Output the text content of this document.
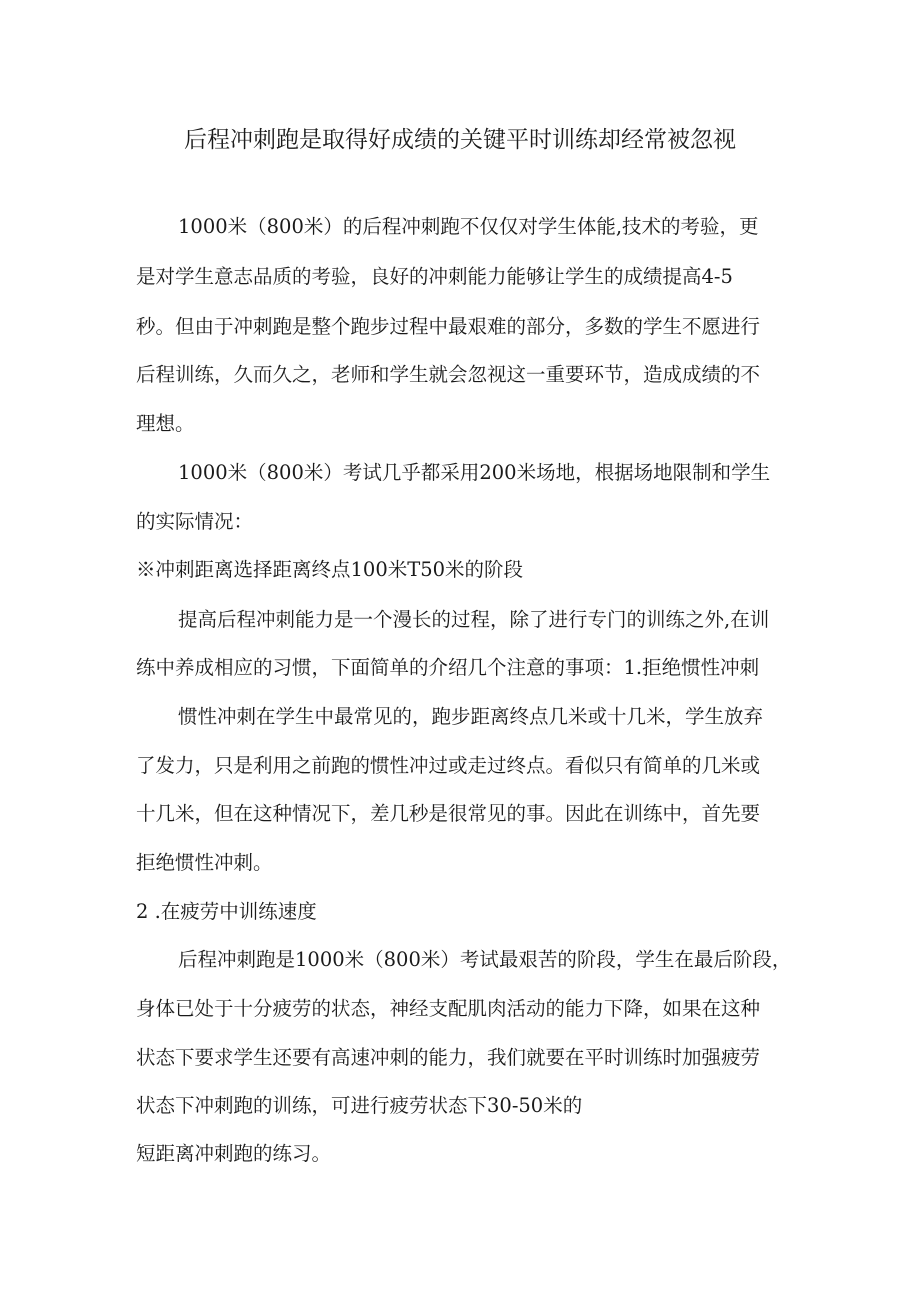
后程冲刺跑是取得好成绩的关键平时训练却经常被忽视
1000米（800米）的后程冲刺跑不仅仅对学生体能,技术的考验，更
是对学生意志品质的考验，良好的冲刺能力能够让学生的成绩提高4-5
秒。但由于冲刺跑是整个跑步过程中最艰难的部分，多数的学生不愿进行
后程训练，久而久之，老师和学生就会忽视这一重要环节，造成成绩的不
理想。
1000米（800米）考试几乎都采用200米场地，根据场地限制和学生
的实际情况：
※冲刺距离选择距离终点100米T50米的阶段
提高后程冲刺能力是一个漫长的过程，除了进行专门的训练之外,在训
练中养成相应的习惯，下面简单的介绍几个注意的事项：1.拒绝惯性冲刺
惯性冲刺在学生中最常见的，跑步距离终点几米或十几米，学生放弃
了发力，只是利用之前跑的惯性冲过或走过终点。看似只有简单的几米或
十几米，但在这种情况下，差几秒是很常见的事。因此在训练中，首先要
拒绝惯性冲刺。
2 .在疲劳中训练速度
后程冲刺跑是1000米（800米）考试最艰苦的阶段，学生在最后阶段，
身体已处于十分疲劳的状态，神经支配肌肉活动的能力下降，如果在这种
状态下要求学生还要有高速冲刺的能力，我们就要在平时训练时加强疲劳
状态下冲刺跑的训练，可进行疲劳状态下30-50米的
短距离冲刺跑的练习。
